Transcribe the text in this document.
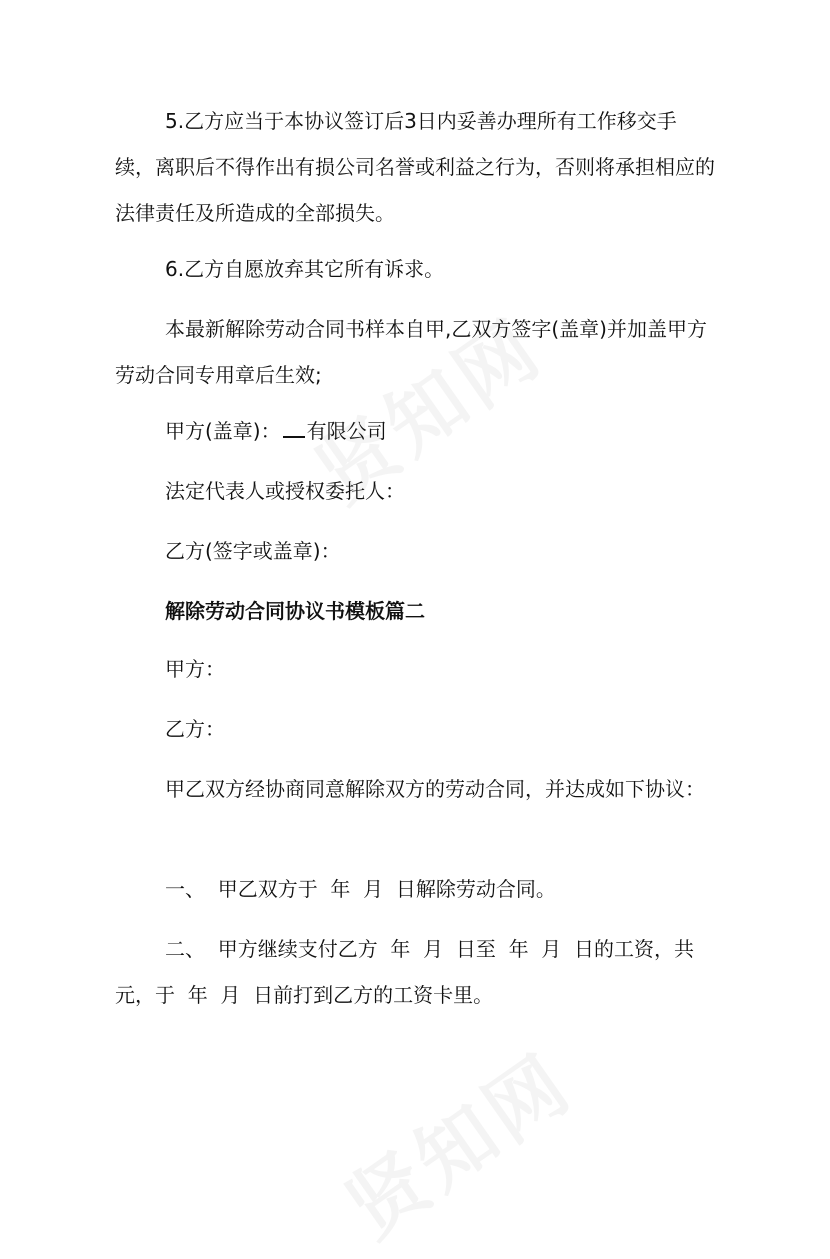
5.乙方应当于本协议签订后3日内妥善办理所有工作移交手续，离职后不得作出有损公司名誉或利益之行为，否则将承担相应的法律责任及所造成的全部损失。

6.乙方自愿放弃其它所有诉求。

本最新解除劳动合同书样本自甲,乙双方签字(盖章)并加盖甲方劳动合同专用章后生效;

甲方(盖章)： 有限公司

法定代表人或授权委托人：

乙方(签字或盖章)：

解除劳动合同协议书模板篇二

甲方：

乙方：

甲乙双方经协商同意解除双方的劳动合同，并达成如下协议：

一、  甲乙双方于  年  月  日解除劳动合同。

二、  甲方继续支付乙方  年  月  日至  年  月  日的工资，共  元，于  年  月  日前打到乙方的工资卡里。
